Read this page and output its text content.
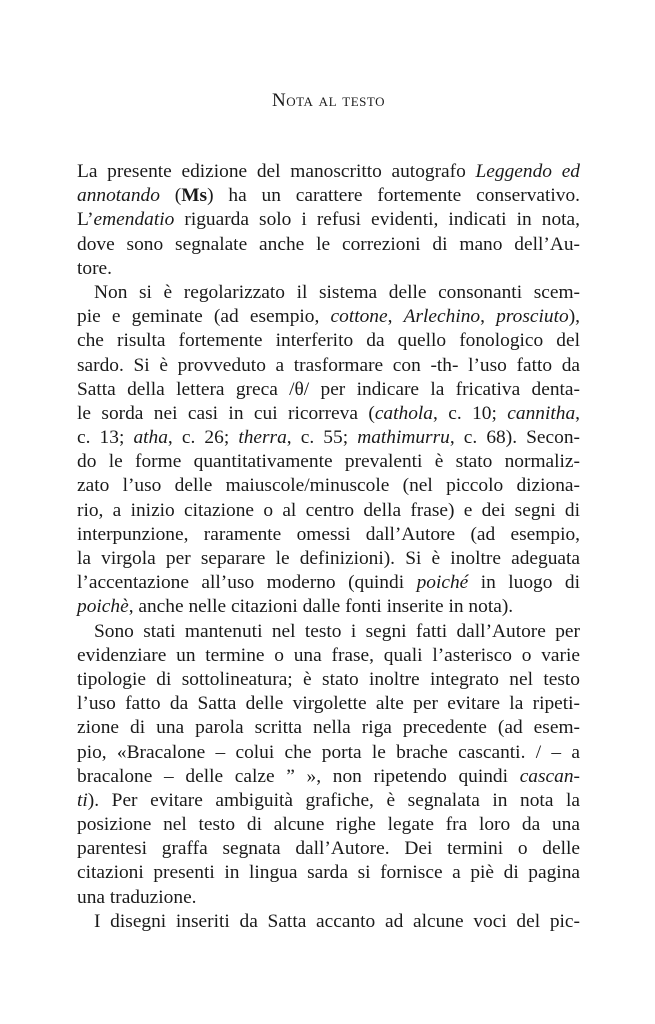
Nota al testo
La presente edizione del manoscritto autografo Leggendo ed
annotando (Ms) ha un carattere fortemente conservativo.
L’emendatio riguarda solo i refusi evidenti, indicati in nota,
dove sono segnalate anche le correzioni di mano dell’Au-
tore.
Non si è regolarizzato il sistema delle consonanti scem-
pie e geminate (ad esempio, cottone, Arlechino, prosciuto),
che risulta fortemente interferito da quello fonologico del
sardo. Si è provveduto a trasformare con -th- l’uso fatto da
Satta della lettera greca /θ/ per indicare la fricativa denta-
le sorda nei casi in cui ricorreva (cathola, c. 10; cannitha,
c. 13; atha, c. 26; therra, c. 55; mathimurru, c. 68). Secon-
do le forme quantitativamente prevalenti è stato normaliz-
zato l’uso delle maiuscole/minuscole (nel piccolo diziona-
rio, a inizio citazione o al centro della frase) e dei segni di
interpunzione, raramente omessi dall’Autore (ad esempio,
la virgola per separare le definizioni). Si è inoltre adeguata
l’accentazione all’uso moderno (quindi poiché in luogo di
poichè, anche nelle citazioni dalle fonti inserite in nota).
Sono stati mantenuti nel testo i segni fatti dall’Autore per
evidenziare un termine o una frase, quali l’asterisco o varie
tipologie di sottolineatura; è stato inoltre integrato nel testo
l’uso fatto da Satta delle virgolette alte per evitare la ripeti-
zione di una parola scritta nella riga precedente (ad esem-
pio, «Bracalone – colui che porta le brache cascanti. / – a
bracalone – delle calze ” », non ripetendo quindi cascan-
ti). Per evitare ambiguità grafiche, è segnalata in nota la
posizione nel testo di alcune righe legate fra loro da una
parentesi graffa segnata dall’Autore. Dei termini o delle
citazioni presenti in lingua sarda si fornisce a piè di pagina
una traduzione.
I disegni inseriti da Satta accanto ad alcune voci del pic-
